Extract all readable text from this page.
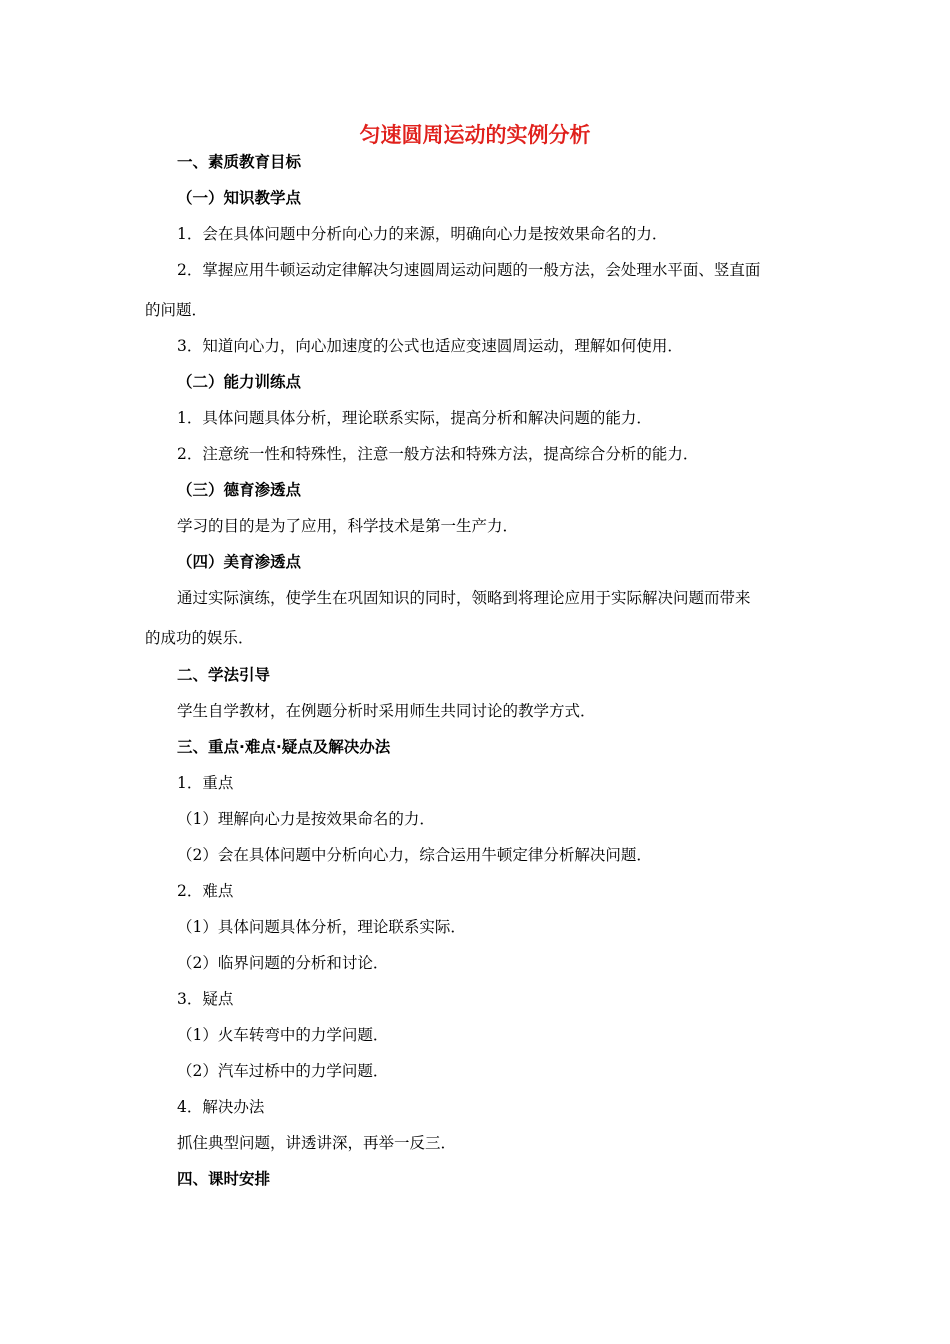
匀速圆周运动的实例分析
一、素质教育目标
（一）知识教学点
1．会在具体问题中分析向心力的来源，明确向心力是按效果命名的力．
2．掌握应用牛顿运动定律解决匀速圆周运动问题的一般方法，会处理水平面、竖直面
的问题．
3．知道向心力，向心加速度的公式也适应变速圆周运动，理解如何使用．
（二）能力训练点
1．具体问题具体分析，理论联系实际，提高分析和解决问题的能力．
2．注意统一性和特殊性，注意一般方法和特殊方法，提高综合分析的能力．
（三）德育渗透点
学习的目的是为了应用，科学技术是第一生产力．
（四）美育渗透点
通过实际演练，使学生在巩固知识的同时，领略到将理论应用于实际解决问题而带来
的成功的娱乐．
二、学法引导
学生自学教材，在例题分析时采用师生共同讨论的教学方式．
三、重点·难点·疑点及解决办法
1．重点
（1）理解向心力是按效果命名的力．
（2）会在具体问题中分析向心力，综合运用牛顿定律分析解决问题．
2．难点
（1）具体问题具体分析，理论联系实际．
（2）临界问题的分析和讨论．
3．疑点
（1）火车转弯中的力学问题．
（2）汽车过桥中的力学问题．
4．解决办法
抓住典型问题，讲透讲深，再举一反三．
四、课时安排
